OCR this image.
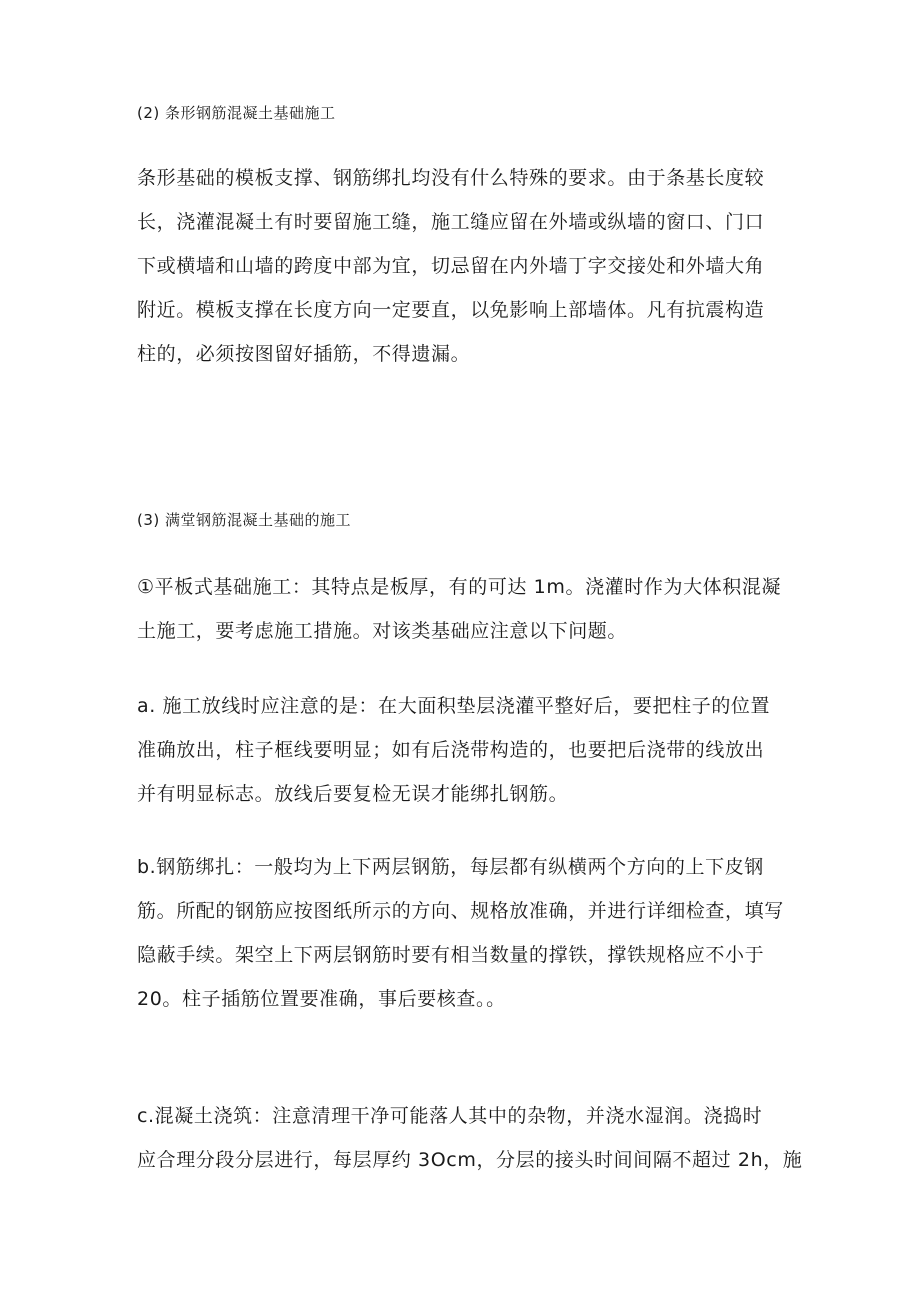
(2) 条形钢筋混凝土基础施工
条形基础的模板支撑、钢筋绑扎均没有什么特殊的要求。由于条基长度较
长，浇灌混凝土有时要留施工缝，施工缝应留在外墙或纵墙的窗口、门口
下或横墙和山墙的跨度中部为宜，切忌留在内外墙丁字交接处和外墙大角
附近。模板支撑在长度方向一定要直，以免影响上部墙体。凡有抗震构造
柱的，必须按图留好插筋，不得遗漏。
(3) 满堂钢筋混凝土基础的施工
①平板式基础施工：其特点是板厚，有的可达 1m。浇灌时作为大体积混凝
土施工，要考虑施工措施。对该类基础应注意以下问题。
a. 施工放线时应注意的是：在大面积垫层浇灌平整好后，要把柱子的位置
准确放出，柱子框线要明显；如有后浇带构造的，也要把后浇带的线放出
并有明显标志。放线后要复检无误才能绑扎钢筋。
b.钢筋绑扎：一般均为上下两层钢筋，每层都有纵横两个方向的上下皮钢
筋。所配的钢筋应按图纸所示的方向、规格放准确，并进行详细检查，填写
隐蔽手续。架空上下两层钢筋时要有相当数量的撑铁，撑铁规格应不小于
20。柱子插筋位置要准确，事后要核查。。
c.混凝土浇筑：注意清理干净可能落人其中的杂物，并浇水湿润。浇捣时
应合理分段分层进行，每层厚约 3Ocm，分层的接头时间间隔不超过 2h，施
